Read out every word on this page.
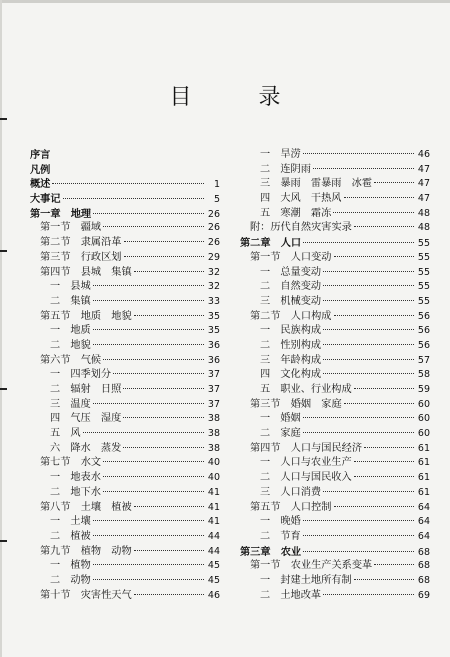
目 录
序言
凡例
概述	1
大事记	5
第一章　地理	26
第一节　疆域	26
第二节　隶属沿革	26
第三节　行政区划	29
第四节　县城　集镇	32
一　县城	32
二　集镇	33
第五节　地质　地貌	35
一　地质	35
二　地貌	36
第六节　气候	36
一　四季划分	37
二　辐射　日照	37
三　温度	37
四　气压　湿度	38
五　风	38
六　降水　蒸发	38
第七节　水文	40
一　地表水	40
二　地下水	41
第八节　土壤　植被	41
一　土壤	41
二　植被	44
第九节　植物　动物	44
一　植物	45
二　动物	45
第十节　灾害性天气	46
一　旱涝	46
二　连阴雨	47
三　暴雨　雷暴雨　冰雹	47
四　大风　干热风	47
五　寒潮　霜冻	48
附：历代自然灾害实录	48
第二章　人口	55
第一节　人口变动	55
一　总量变动	55
二　自然变动	55
三　机械变动	55
第二节　人口构成	56
一　民族构成	56
二　性别构成	56
三　年龄构成	57
四　文化构成	58
五　职业、行业构成	59
第三节　婚姻　家庭	60
一　婚姻	60
二　家庭	60
第四节　人口与国民经济	61
一　人口与农业生产	61
二　人口与国民收入	61
三　人口消费	61
第五节　人口控制	64
一　晚婚	64
二　节育	64
第三章　农业	68
第一节　农业生产关系变革	68
一　封建土地所有制	68
二　土地改革	69
